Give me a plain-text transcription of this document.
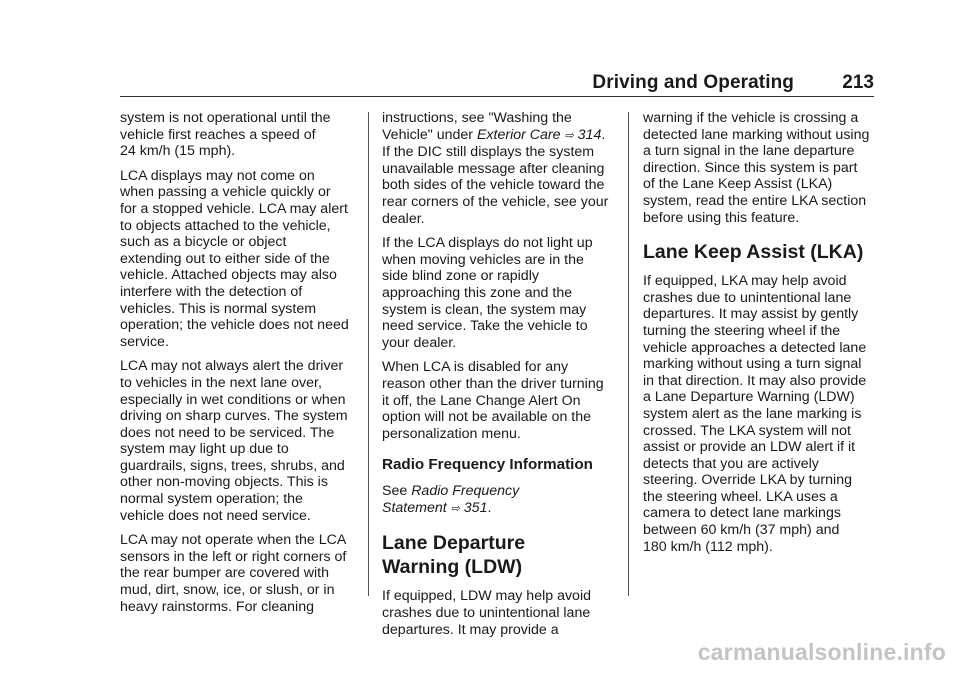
Driving and Operating	213

system is not operational until the
vehicle first reaches a speed of
24 km/h (15 mph).

LCA displays may not come on
when passing a vehicle quickly or
for a stopped vehicle. LCA may alert
to objects attached to the vehicle,
such as a bicycle or object
extending out to either side of the
vehicle. Attached objects may also
interfere with the detection of
vehicles. This is normal system
operation; the vehicle does not need
service.

LCA may not always alert the driver
to vehicles in the next lane over,
especially in wet conditions or when
driving on sharp curves. The system
does not need to be serviced. The
system may light up due to
guardrails, signs, trees, shrubs, and
other non-moving objects. This is
normal system operation; the
vehicle does not need service.

LCA may not operate when the LCA
sensors in the left or right corners of
the rear bumper are covered with
mud, dirt, snow, ice, or slush, or in
heavy rainstorms. For cleaning

instructions, see "Washing the
Vehicle" under Exterior Care ⇨ 314.
If the DIC still displays the system
unavailable message after cleaning
both sides of the vehicle toward the
rear corners of the vehicle, see your
dealer.

If the LCA displays do not light up
when moving vehicles are in the
side blind zone or rapidly
approaching this zone and the
system is clean, the system may
need service. Take the vehicle to
your dealer.

When LCA is disabled for any
reason other than the driver turning
it off, the Lane Change Alert On
option will not be available on the
personalization menu.

Radio Frequency Information

See Radio Frequency
Statement ⇨ 351.

Lane Departure
Warning (LDW)

If equipped, LDW may help avoid
crashes due to unintentional lane
departures. It may provide a

warning if the vehicle is crossing a
detected lane marking without using
a turn signal in the lane departure
direction. Since this system is part
of the Lane Keep Assist (LKA)
system, read the entire LKA section
before using this feature.

Lane Keep Assist (LKA)

If equipped, LKA may help avoid
crashes due to unintentional lane
departures. It may assist by gently
turning the steering wheel if the
vehicle approaches a detected lane
marking without using a turn signal
in that direction. It may also provide
a Lane Departure Warning (LDW)
system alert as the lane marking is
crossed. The LKA system will not
assist or provide an LDW alert if it
detects that you are actively
steering. Override LKA by turning
the steering wheel. LKA uses a
camera to detect lane markings
between 60 km/h (37 mph) and
180 km/h (112 mph).

carmanualsonline.info
